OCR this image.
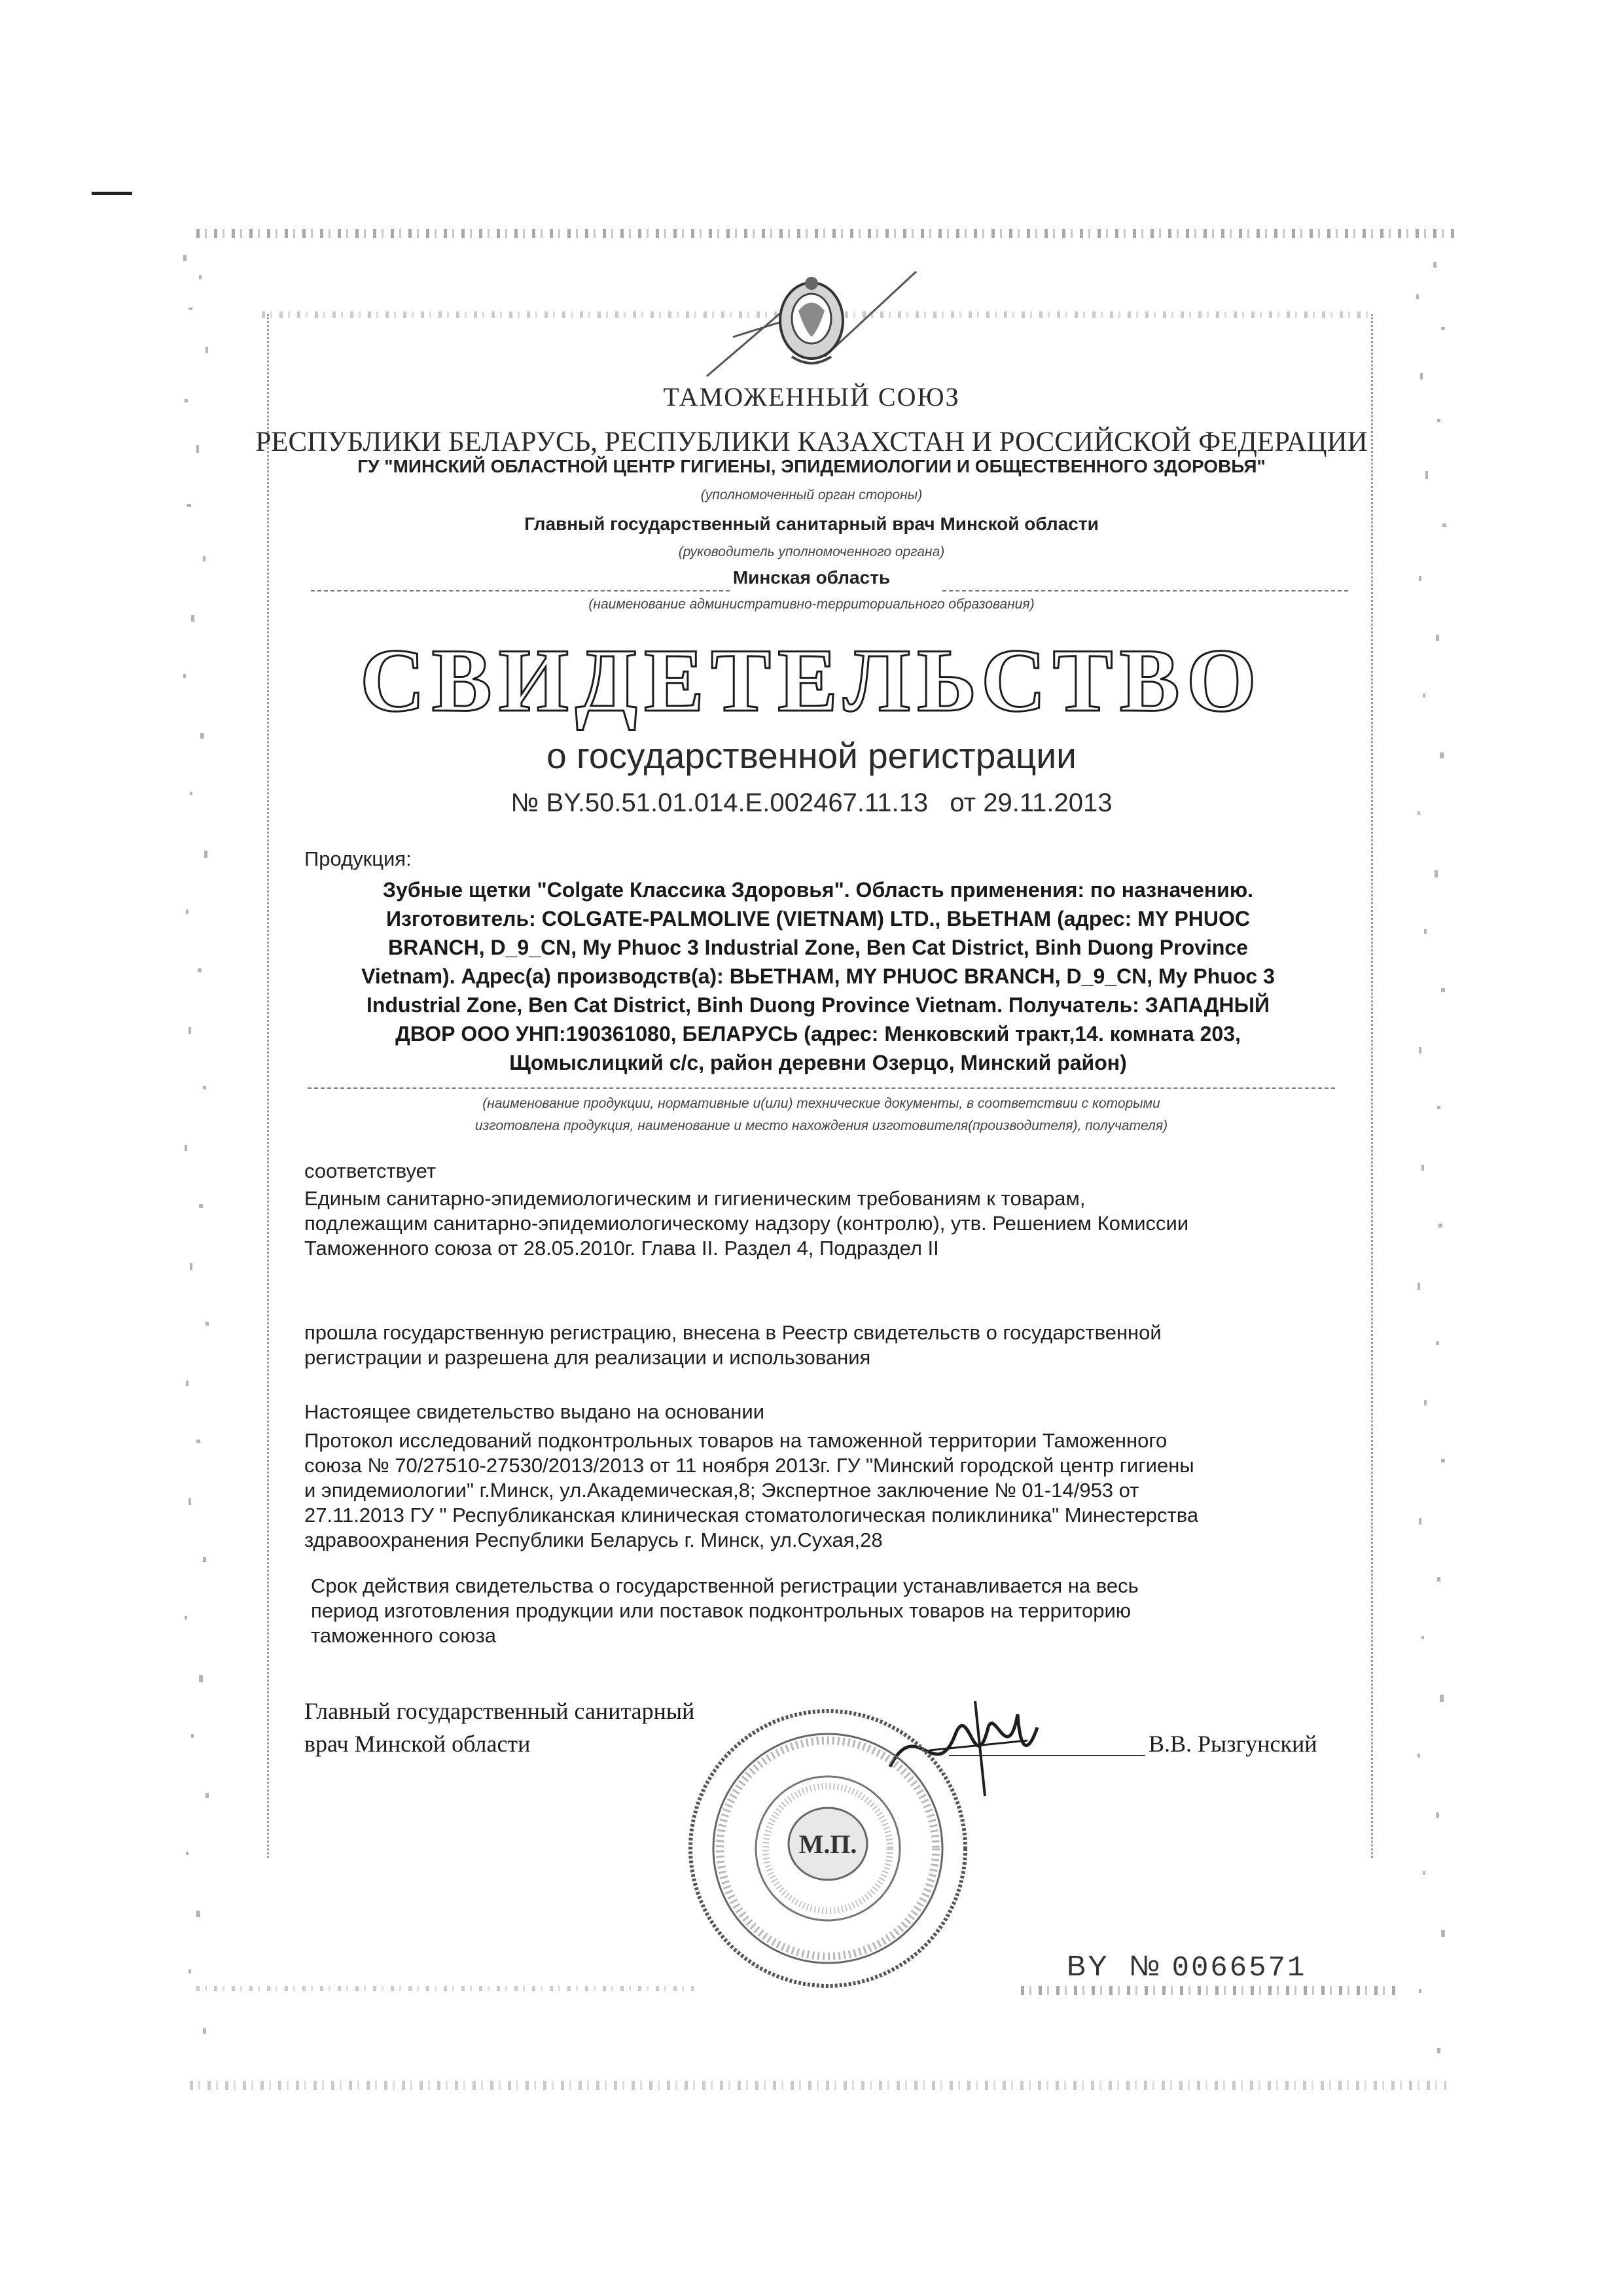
ТАМОЖЕННЫЙ СОЮЗ
РЕСПУБЛИКИ БЕЛАРУСЬ, РЕСПУБЛИКИ КАЗАХСТАН И РОССИЙСКОЙ ФЕДЕРАЦИИ
ГУ "МИНСКИЙ ОБЛАСТНОЙ ЦЕНТР ГИГИЕНЫ, ЭПИДЕМИОЛОГИИ И ОБЩЕСТВЕННОГО ЗДОРОВЬЯ"
(уполномоченный орган стороны)
Главный государственный санитарный врач Минской области
(руководитель уполномоченного органа)
Минская область
(наименование административно-территориального образования)
СВИДЕТЕЛЬСТВО
о государственной регистрации
№ BY.50.51.01.014.E.002467.11.13 от 29.11.2013
Продукция:
Зубные щетки "Colgate Классика Здоровья". Область применения: по назначению.
Изготовитель: COLGATE-PALMOLIVE (VIETNAM) LTD., ВЬЕТНАМ (адрес: MY PHUOC
BRANCH, D_9_CN, My Phuoc 3 Industrial Zone, Ben Cat District, Binh Duong Province
Vietnam). Адрес(а) производств(а): ВЬЕТНАМ, MY PHUOC BRANCH, D_9_CN, My Phuoc 3
Industrial Zone, Ben Cat District, Binh Duong Province Vietnam. Получатель: ЗАПАДНЫЙ
ДВОР ООО УНП:190361080, БЕЛАРУСЬ (адрес: Менковский тракт,14. комната 203,
Щомыслицкий с/с, район деревни Озерцо, Минский район)
(наименование продукции, нормативные и(или) технические документы, в соответствии с которыми
изготовлена продукция, наименование и место нахождения изготовителя(производителя), получателя)
соответствует
Единым санитарно-эпидемиологическим и гигиеническим требованиям к товарам,
подлежащим санитарно-эпидемиологическому надзору (контролю), утв. Решением Комиссии
Таможенного союза от 28.05.2010г. Глава II. Раздел 4, Подраздел II
прошла государственную регистрацию, внесена в Реестр свидетельств о государственной
регистрации и разрешена для реализации и использования
Настоящее свидетельство выдано на основании
Протокол исследований подконтрольных товаров на таможенной территории Таможенного
союза № 70/27510-27530/2013/2013 от 11 ноября 2013г. ГУ "Минский городской центр гигиены
и эпидемиологии" г.Минск, ул.Академическая,8; Экспертное заключение № 01-14/953 от
27.11.2013 ГУ " Республиканская клиническая стоматологическая поликлиника" Минестерства
здравоохранения Республики Беларусь г. Минск, ул.Сухая,28
Срок действия свидетельства о государственной регистрации устанавливается на весь
период изготовления продукции или поставок подконтрольных товаров на территорию
таможенного союза
Главный государственный санитарный
врач Минской области	В.В. Рызгунский
М.П.
BY № 0066571
